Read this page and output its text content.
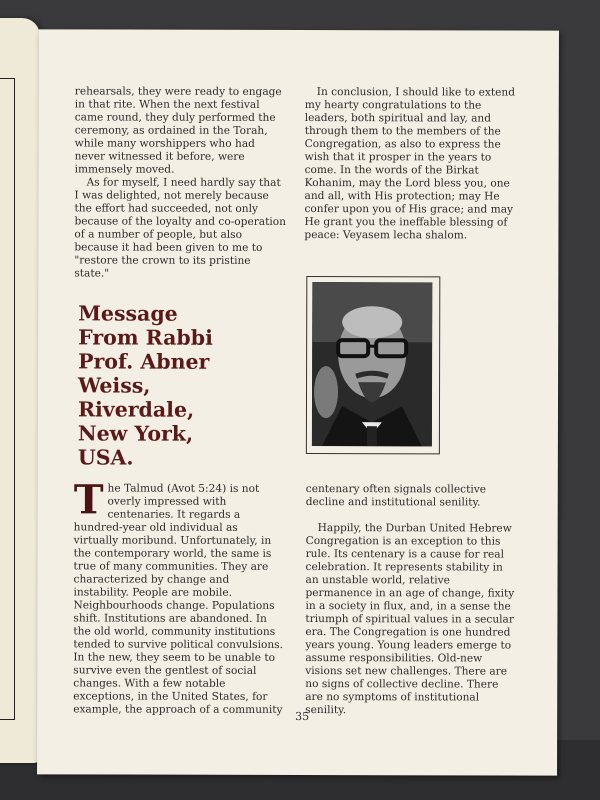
rehearsals, they were ready to engage in that rite. When the next festival came round, they duly performed the ceremony, as ordained in the Torah, while many worshippers who had never witnessed it before, were immensely moved.

As for myself, I need hardly say that I was delighted, not merely because the effort had succeeded, not only because of the loyalty and co-operation of a number of people, but also because it had been given to me to "restore the crown to its pristine state."

In conclusion, I should like to extend my hearty congratulations to the leaders, both spiritual and lay, and through them to the members of the Congregation, as also to express the wish that it prosper in the years to come. In the words of the Birkat Kohanim, may the Lord bless you, one and all, with His protection; may He confer upon you of His grace; and may He grant you the ineffable blessing of peace: Veyasem lecha shalom.

Message
From Rabbi
Prof. Abner
Weiss,
Riverdale,
New York,
USA.

The Talmud (Avot 5:24) is not overly impressed with centenaries. It regards a hundred-year old individual as virtually moribund. Unfortunately, in the contemporary world, the same is true of many communities. They are characterized by change and instability. People are mobile. Neighbourhoods change. Populations shift. Institutions are abandoned. In the old world, community institutions tended to survive political convulsions. In the new, they seem to be unable to survive even the gentlest of social changes. With a few notable exceptions, in the United States, for example, the approach of a community

centenary often signals collective decline and institutional senility.

Happily, the Durban United Hebrew Congregation is an exception to this rule. Its centenary is a cause for real celebration. It represents stability in an unstable world, relative permanence in an age of change, fixity in a society in flux, and, in a sense the triumph of spiritual values in a secular era. The Congregation is one hundred years young. Young leaders emerge to assume responsibilities. Old-new visions set new challenges. There are no signs of collective decline. There are no symptoms of institutional senility.

35
